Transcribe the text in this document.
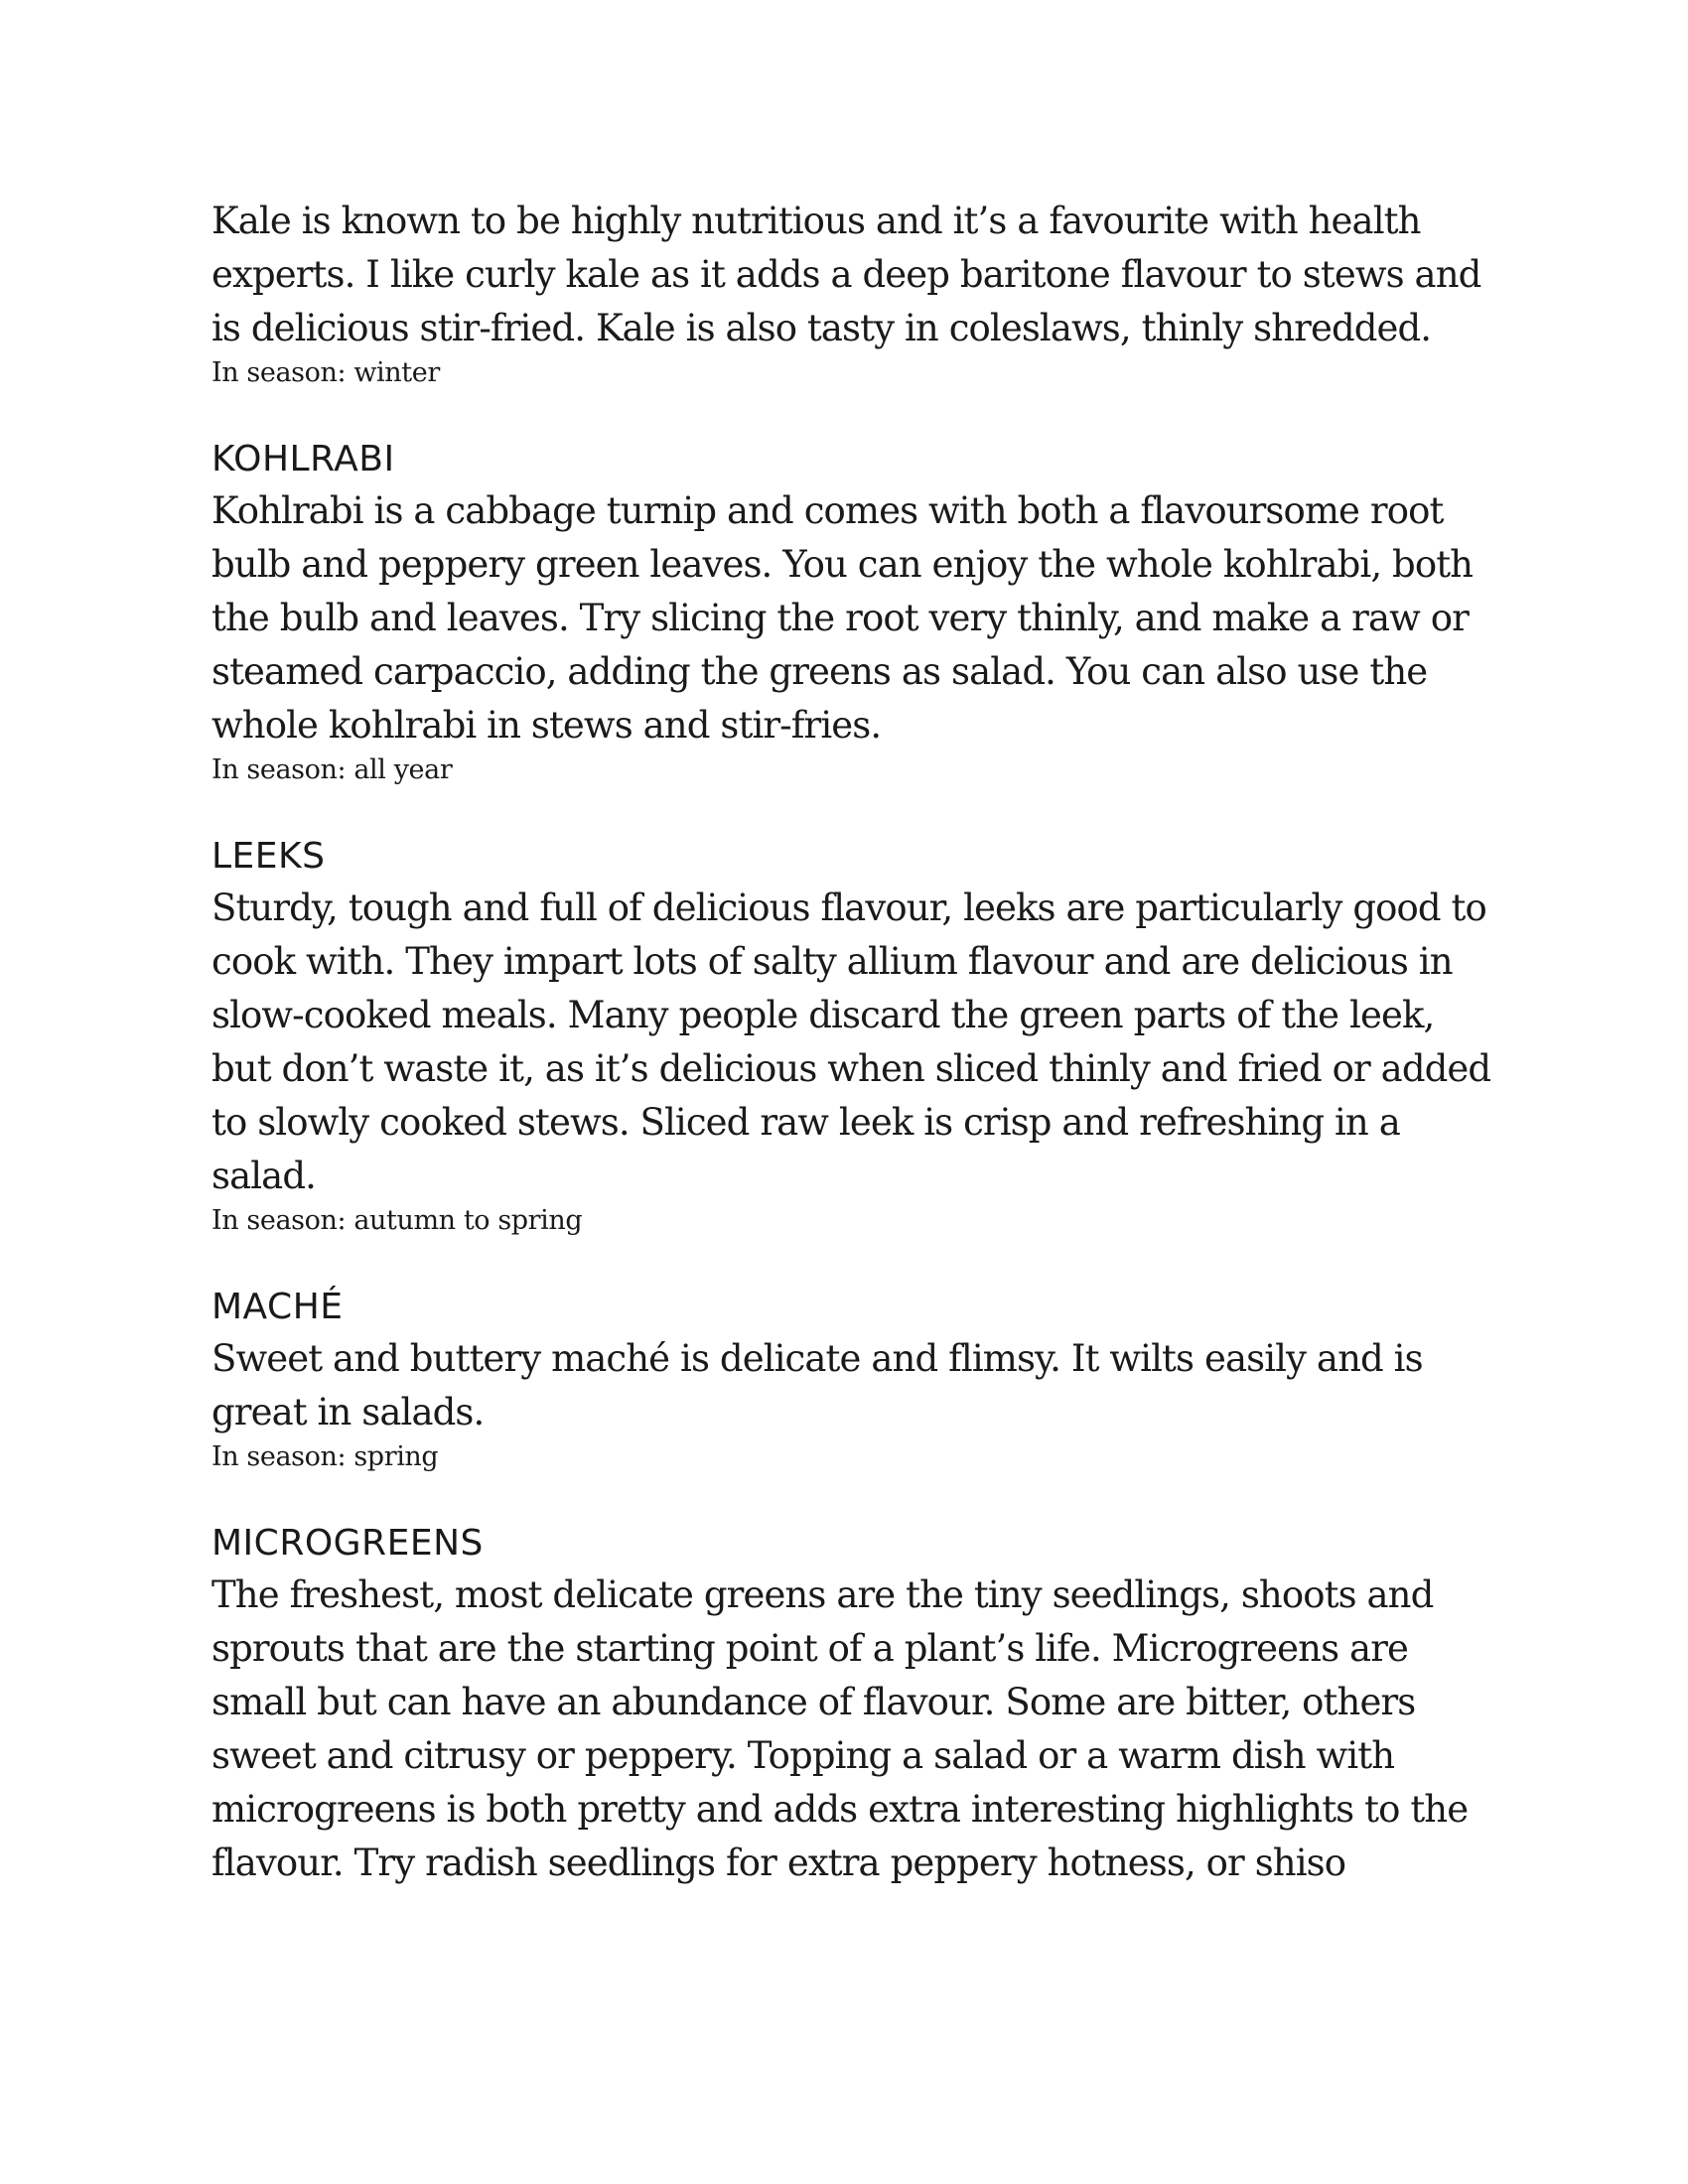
Kale is known to be highly nutritious and it’s a favourite with health experts. I like curly kale as it adds a deep baritone flavour to stews and is delicious stir-fried. Kale is also tasty in coleslaws, thinly shredded.

In season: winter

KOHLRABI

Kohlrabi is a cabbage turnip and comes with both a flavoursome root bulb and peppery green leaves. You can enjoy the whole kohlrabi, both the bulb and leaves. Try slicing the root very thinly, and make a raw or steamed carpaccio, adding the greens as salad. You can also use the whole kohlrabi in stews and stir-fries.

In season: all year

LEEKS

Sturdy, tough and full of delicious flavour, leeks are particularly good to cook with. They impart lots of salty allium flavour and are delicious in slow-cooked meals. Many people discard the green parts of the leek, but don’t waste it, as it’s delicious when sliced thinly and fried or added to slowly cooked stews. Sliced raw leek is crisp and refreshing in a salad.

In season: autumn to spring

MACHÉ

Sweet and buttery maché is delicate and flimsy. It wilts easily and is great in salads.

In season: spring

MICROGREENS

The freshest, most delicate greens are the tiny seedlings, shoots and sprouts that are the starting point of a plant’s life. Microgreens are small but can have an abundance of flavour. Some are bitter, others sweet and citrusy or peppery. Topping a salad or a warm dish with microgreens is both pretty and adds extra interesting highlights to the flavour. Try radish seedlings for extra peppery hotness, or shiso
